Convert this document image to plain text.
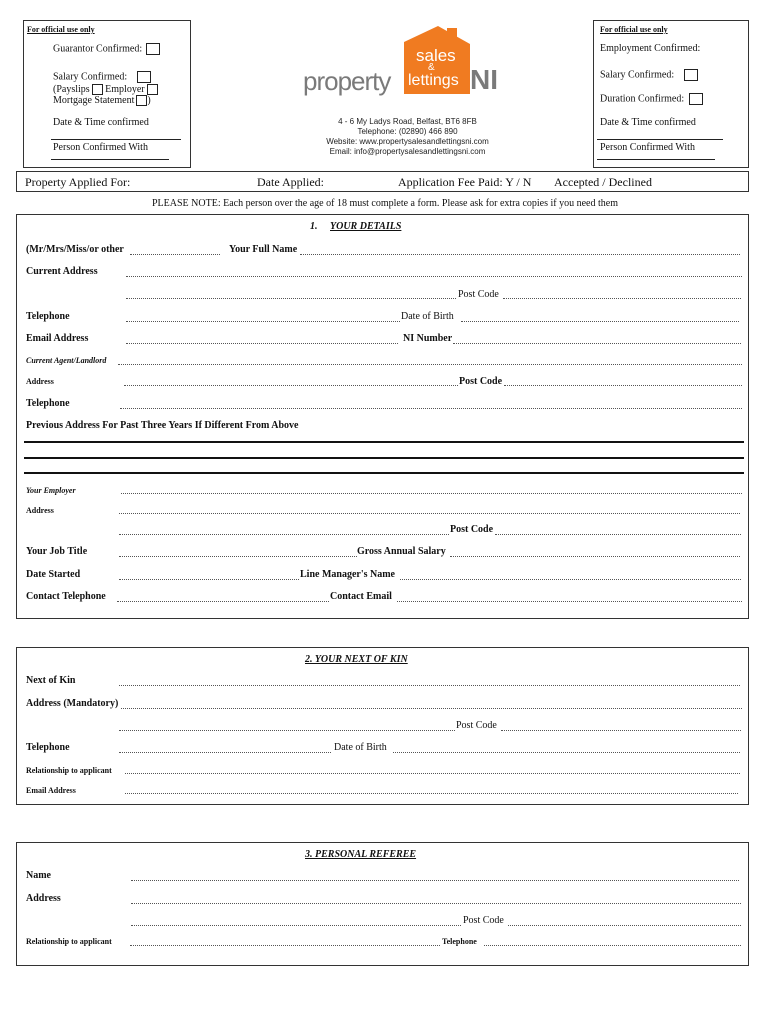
For official use only
Guarantor Confirmed:
Salary Confirmed:
(Payslips Employer
Mortgage Statement )
Date & Time confirmed
Person Confirmed With
sales
&
lettings
property	NI
4 - 6 My Ladys Road, Belfast, BT6 8FB
Telephone: (02890) 466 890
Website: www.propertysalesandlettingsni.com
Email: info@propertysalesandlettingsni.com
For official use only
Employment Confirmed:
Salary Confirmed:
Duration Confirmed:
Date & Time confirmed
Person Confirmed With
Property Applied For:	Date Applied:	Application Fee Paid: Y / N Accepted / Declined
PLEASE NOTE: Each person over the age of 18 must complete a form. Please ask for extra copies if you need them
1. YOUR DETAILS
(Mr/Mrs/Miss/or other	Your Full Name
Current Address
Post Code
Telephone	Date of Birth
Email Address	NI Number
Current Agent/Landlord
Address	Post Code
Telephone
Previous Address For Past Three Years If Different From Above
Your Employer
Address
Post Code
Your Job Title	Gross Annual Salary
Date Started	Line Manager's Name
Contact Telephone	Contact Email
2. YOUR NEXT OF KIN
Next of Kin
Address (Mandatory)
Post Code
Telephone	Date of Birth
Relationship to applicant
Email Address
3. PERSONAL REFEREE
Name
Address
Post Code
Relationship to applicant	Telephone
